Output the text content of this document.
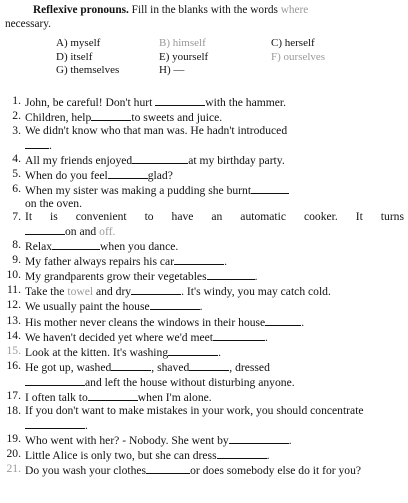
Reflexive pronouns. Fill in the blanks with the words where
necessary.
A) myself	B) himself	C) herself
D) itself	E) yourself	F) ourselves
G) themselves	H) —
1. John, be careful! Don't hurt	with the hammer.
2. Children, help	to sweets and juice.
3. We didn't know who that man was. He hadn't introduced
.
4. All my friends enjoyed	at my birthday party.
5. When do you feel	glad?
6. When my sister was making a pudding she burnt
on the oven.
7. It is convenient to have an automatic cooker. It turns
on and off.
8. Relax	when you dance.
9. My father always repairs his car	.
10. My grandparents grow their vegetables	.
11. Take the towel and dry	. It's windy, you may catch cold.
12. We usually paint the house	.
13. His mother never cleans the windows in their house	.
14. We haven't decided yet where we'd meet	.
15. Look at the kitten. It's washing	.
16. He got up, washed	, shaved	, dressed
and left the house without disturbing anyone.
17. I often talk to	when I'm alone.
18. If you don't want to make mistakes in your work, you should concentrate.
19. Who went with her? - Nobody. She went by	.
20. Little Alice is only two, but she can dress	.
21. Do you wash your clothes	or does somebody else do it for you?
